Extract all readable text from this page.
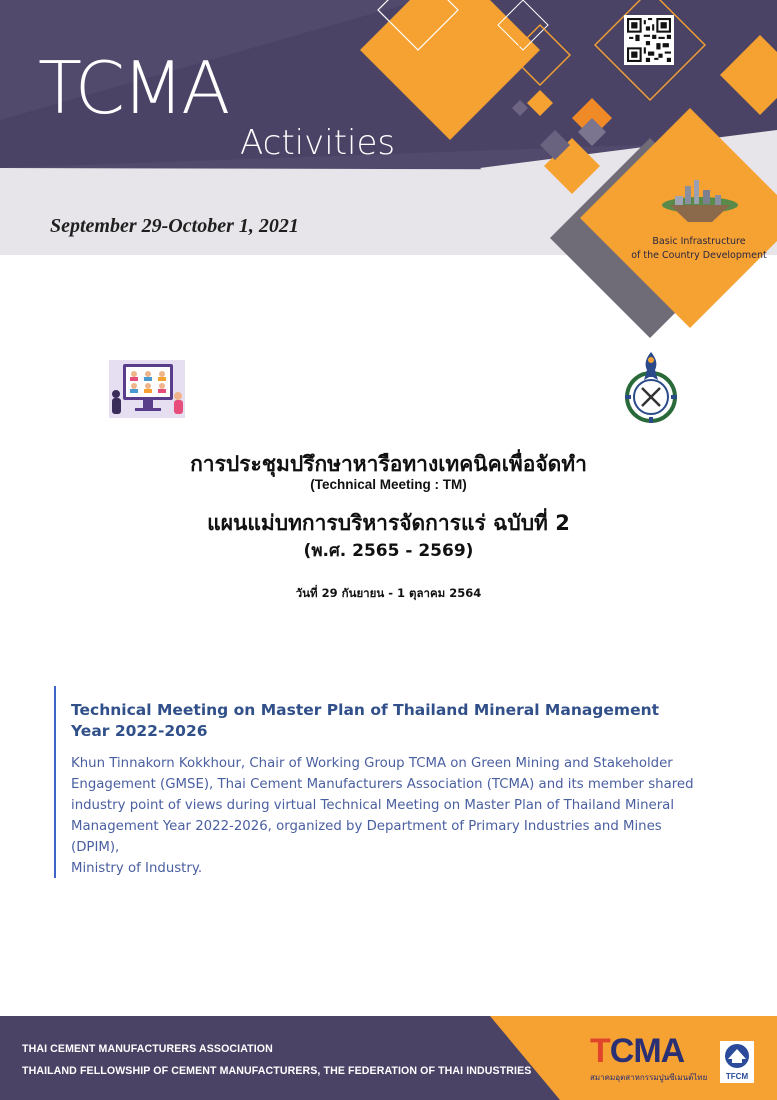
TCMA
Activities
September 29-October 1, 2021
Basic Infrastructure
of the Country Development
การประชุมปรึกษาหารือทางเทคนิคเพื่อจัดทำ
(Technical Meeting : TM)
แผนแม่บทการบริหารจัดการแร่ ฉบับที่ 2
(พ.ศ. 2565 - 2569)
วันที่ 29 กันยายน - 1 ตุลาคม 2564
Technical Meeting on Master Plan of Thailand Mineral Management
Year 2022-2026
Khun Tinnakorn Kokkhour, Chair of Working Group TCMA on Green Mining and Stakeholder
Engagement (GMSE), Thai Cement Manufacturers Association (TCMA) and its member shared
industry point of views during virtual Technical Meeting on Master Plan of Thailand Mineral
Management Year 2022-2026, organized by Department of Primary Industries and Mines (DPIM),
Ministry of Industry.
THAI CEMENT MANUFACTURERS ASSOCIATION
THAILAND FELLOWSHIP OF CEMENT MANUFACTURERS, THE FEDERATION OF THAI INDUSTRIES
TCMA
สมาคมอุตสาหกรรมปูนซีเมนต์ไทย	TFCM
